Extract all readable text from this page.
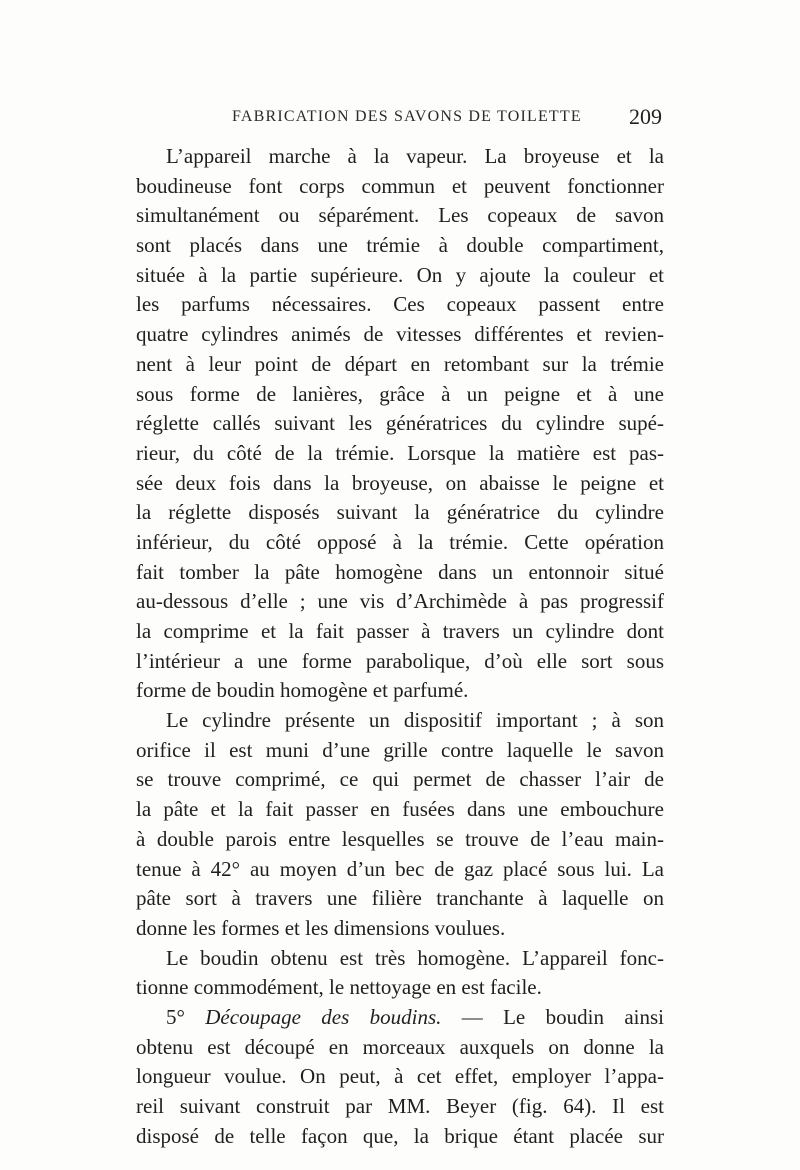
FABRICATION DES SAVONS DE TOILETTE 209
L’appareil marche à la vapeur. La broyeuse et la
boudineuse font corps commun et peuvent fonctionner
simultanément ou séparément. Les copeaux de savon
sont placés dans une trémie à double compartiment,
située à la partie supérieure. On y ajoute la couleur et
les parfums nécessaires. Ces copeaux passent entre
quatre cylindres animés de vitesses différentes et revien-
nent à leur point de départ en retombant sur la trémie
sous forme de lanières, grâce à un peigne et à une
réglette callés suivant les génératrices du cylindre supé-
rieur, du côté de la trémie. Lorsque la matière est pas-
sée deux fois dans la broyeuse, on abaisse le peigne et
la réglette disposés suivant la génératrice du cylindre
inférieur, du côté opposé à la trémie. Cette opération
fait tomber la pâte homogène dans un entonnoir situé
au-dessous d’elle ; une vis d’Archimède à pas progressif
la comprime et la fait passer à travers un cylindre dont
l’intérieur a une forme parabolique, d’où elle sort sous
forme de boudin homogène et parfumé.
Le cylindre présente un dispositif important ; à son
orifice il est muni d’une grille contre laquelle le savon
se trouve comprimé, ce qui permet de chasser l’air de
la pâte et la fait passer en fusées dans une embouchure
à double parois entre lesquelles se trouve de l’eau main-
tenue à 42° au moyen d’un bec de gaz placé sous lui. La
pâte sort à travers une filière tranchante à laquelle on
donne les formes et les dimensions voulues.
Le boudin obtenu est très homogène. L’appareil fonc-
tionne commodément, le nettoyage en est facile.
5° Découpage des boudins. — Le boudin ainsi
obtenu est découpé en morceaux auxquels on donne la
longueur voulue. On peut, à cet effet, employer l’appa-
reil suivant construit par MM. Beyer (fig. 64). Il est
disposé de telle façon que, la brique étant placée sur
